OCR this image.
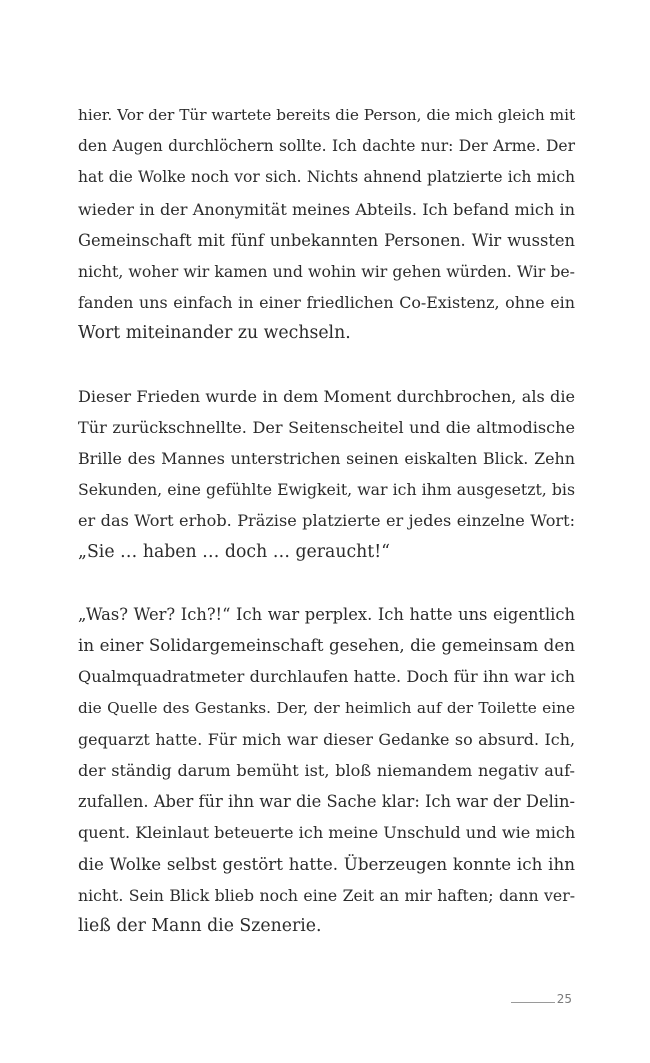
hier. Vor der Tür wartete bereits die Person, die mich gleich mit
den Augen durchlöchern sollte. Ich dachte nur: Der Arme. Der
hat die Wolke noch vor sich. Nichts ahnend platzierte ich mich
wieder in der Anonymität meines Abteils. Ich befand mich in
Gemeinschaft mit fünf unbekannten Personen. Wir wussten
nicht, woher wir kamen und wohin wir gehen würden. Wir be-
fanden uns einfach in einer friedlichen Co-Existenz, ohne ein
Wort miteinander zu wechseln.
Dieser Frieden wurde in dem Moment durchbrochen, als die
Tür zurückschnellte. Der Seitenscheitel und die altmodische
Brille des Mannes unterstrichen seinen eiskalten Blick. Zehn
Sekunden, eine gefühlte Ewigkeit, war ich ihm ausgesetzt, bis
er das Wort erhob. Präzise platzierte er jedes einzelne Wort:
„Sie … haben … doch … geraucht!“
„Was? Wer? Ich?!“ Ich war perplex. Ich hatte uns eigentlich
in einer Solidargemeinschaft gesehen, die gemeinsam den
Qualmquadratmeter durchlaufen hatte. Doch für ihn war ich
die Quelle des Gestanks. Der, der heimlich auf der Toilette eine
gequarzt hatte. Für mich war dieser Gedanke so absurd. Ich,
der ständig darum bemüht ist, bloß niemandem negativ auf-
zufallen. Aber für ihn war die Sache klar: Ich war der Delin-
quent. Kleinlaut beteuerte ich meine Unschuld und wie mich
die Wolke selbst gestört hatte. Überzeugen konnte ich ihn
nicht. Sein Blick blieb noch eine Zeit an mir haften; dann ver-
ließ der Mann die Szenerie.
25
